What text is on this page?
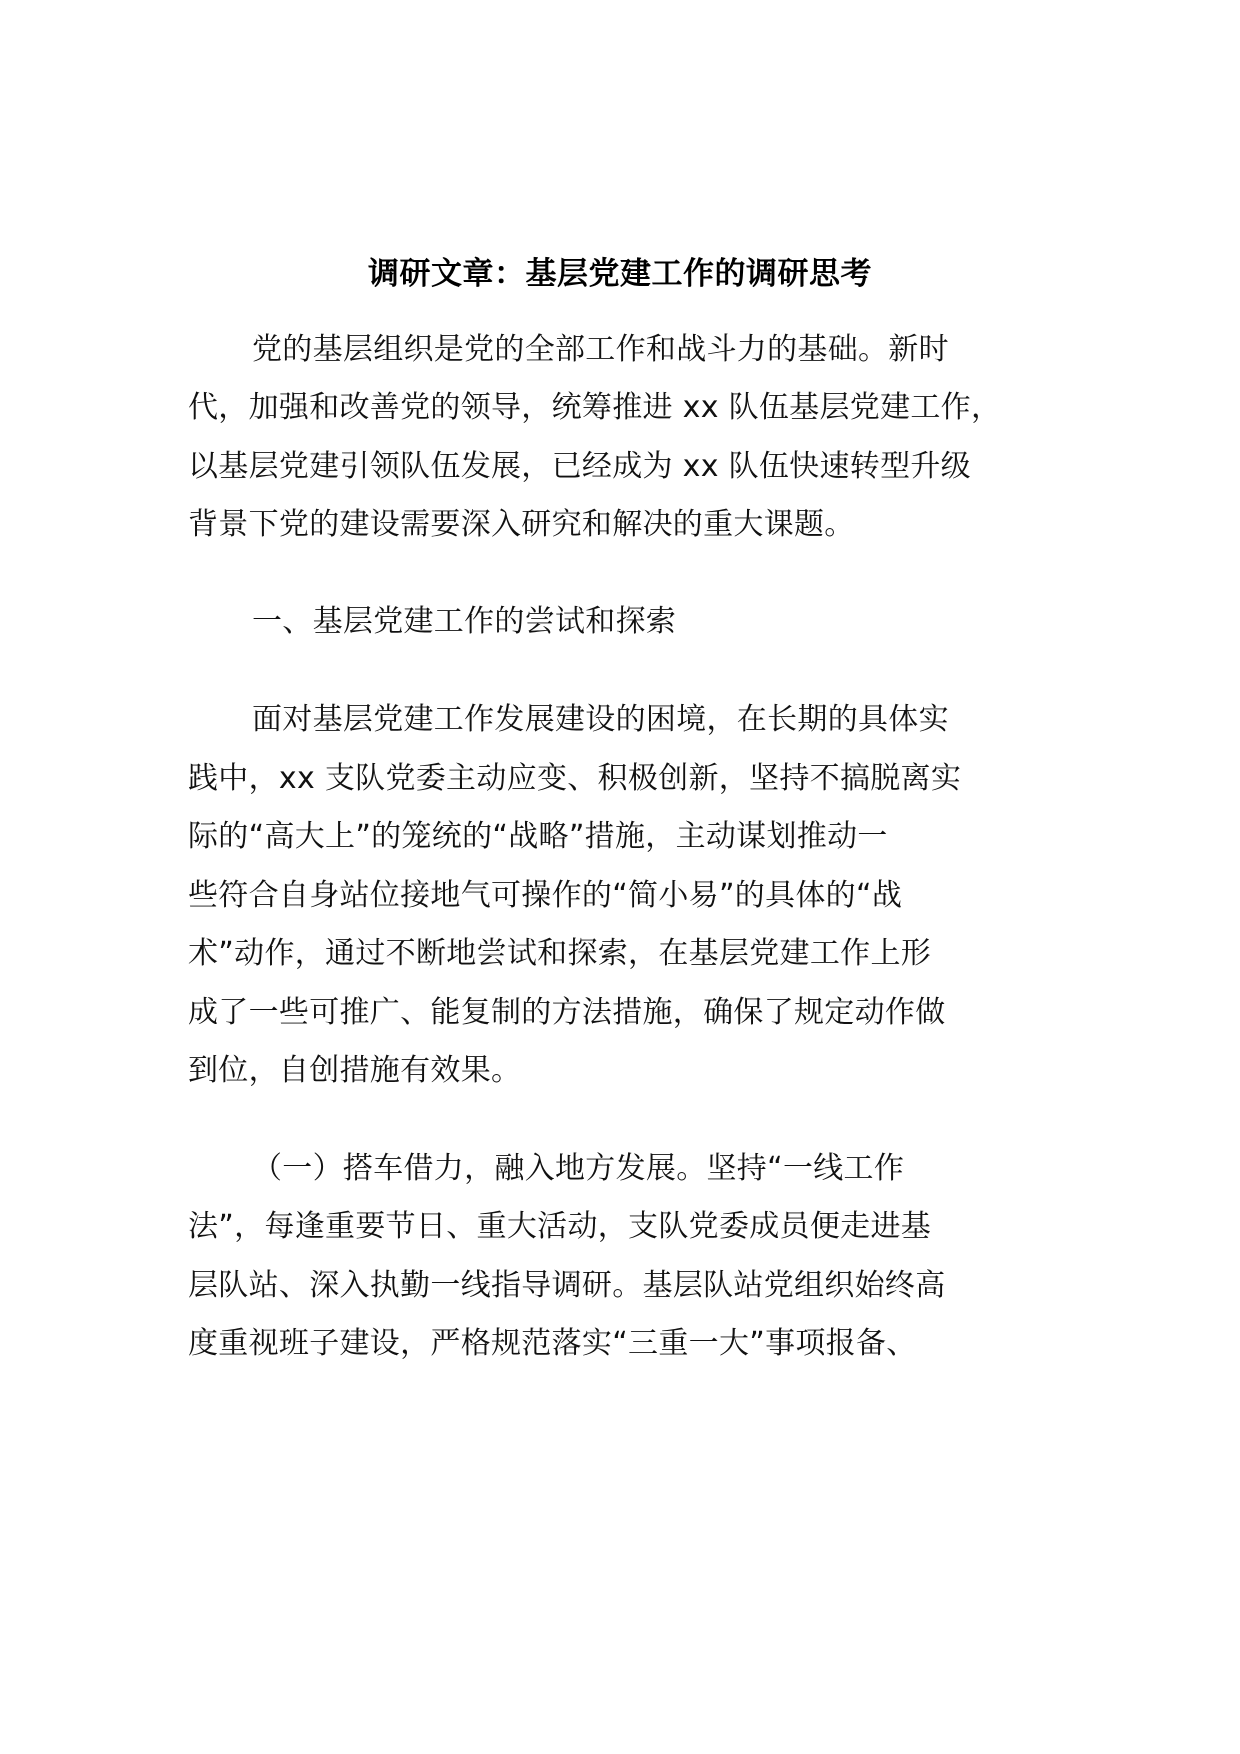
调研文章：基层党建工作的调研思考
党的基层组织是党的全部工作和战斗力的基础。新时
代，加强和改善党的领导，统筹推进 xx 队伍基层党建工作，
以基层党建引领队伍发展，已经成为 xx 队伍快速转型升级
背景下党的建设需要深入研究和解决的重大课题。
一、基层党建工作的尝试和探索
面对基层党建工作发展建设的困境，在长期的具体实
践中，xx 支队党委主动应变、积极创新，坚持不搞脱离实
际的“高大上”的笼统的“战略”措施，主动谋划推动一
些符合自身站位接地气可操作的“简小易”的具体的“战
术”动作，通过不断地尝试和探索，在基层党建工作上形
成了一些可推广、能复制的方法措施，确保了规定动作做
到位，自创措施有效果。
（一）搭车借力，融入地方发展。坚持“一线工作
法”，每逢重要节日、重大活动，支队党委成员便走进基
层队站、深入执勤一线指导调研。基层队站党组织始终高
度重视班子建设，严格规范落实“三重一大”事项报备、
